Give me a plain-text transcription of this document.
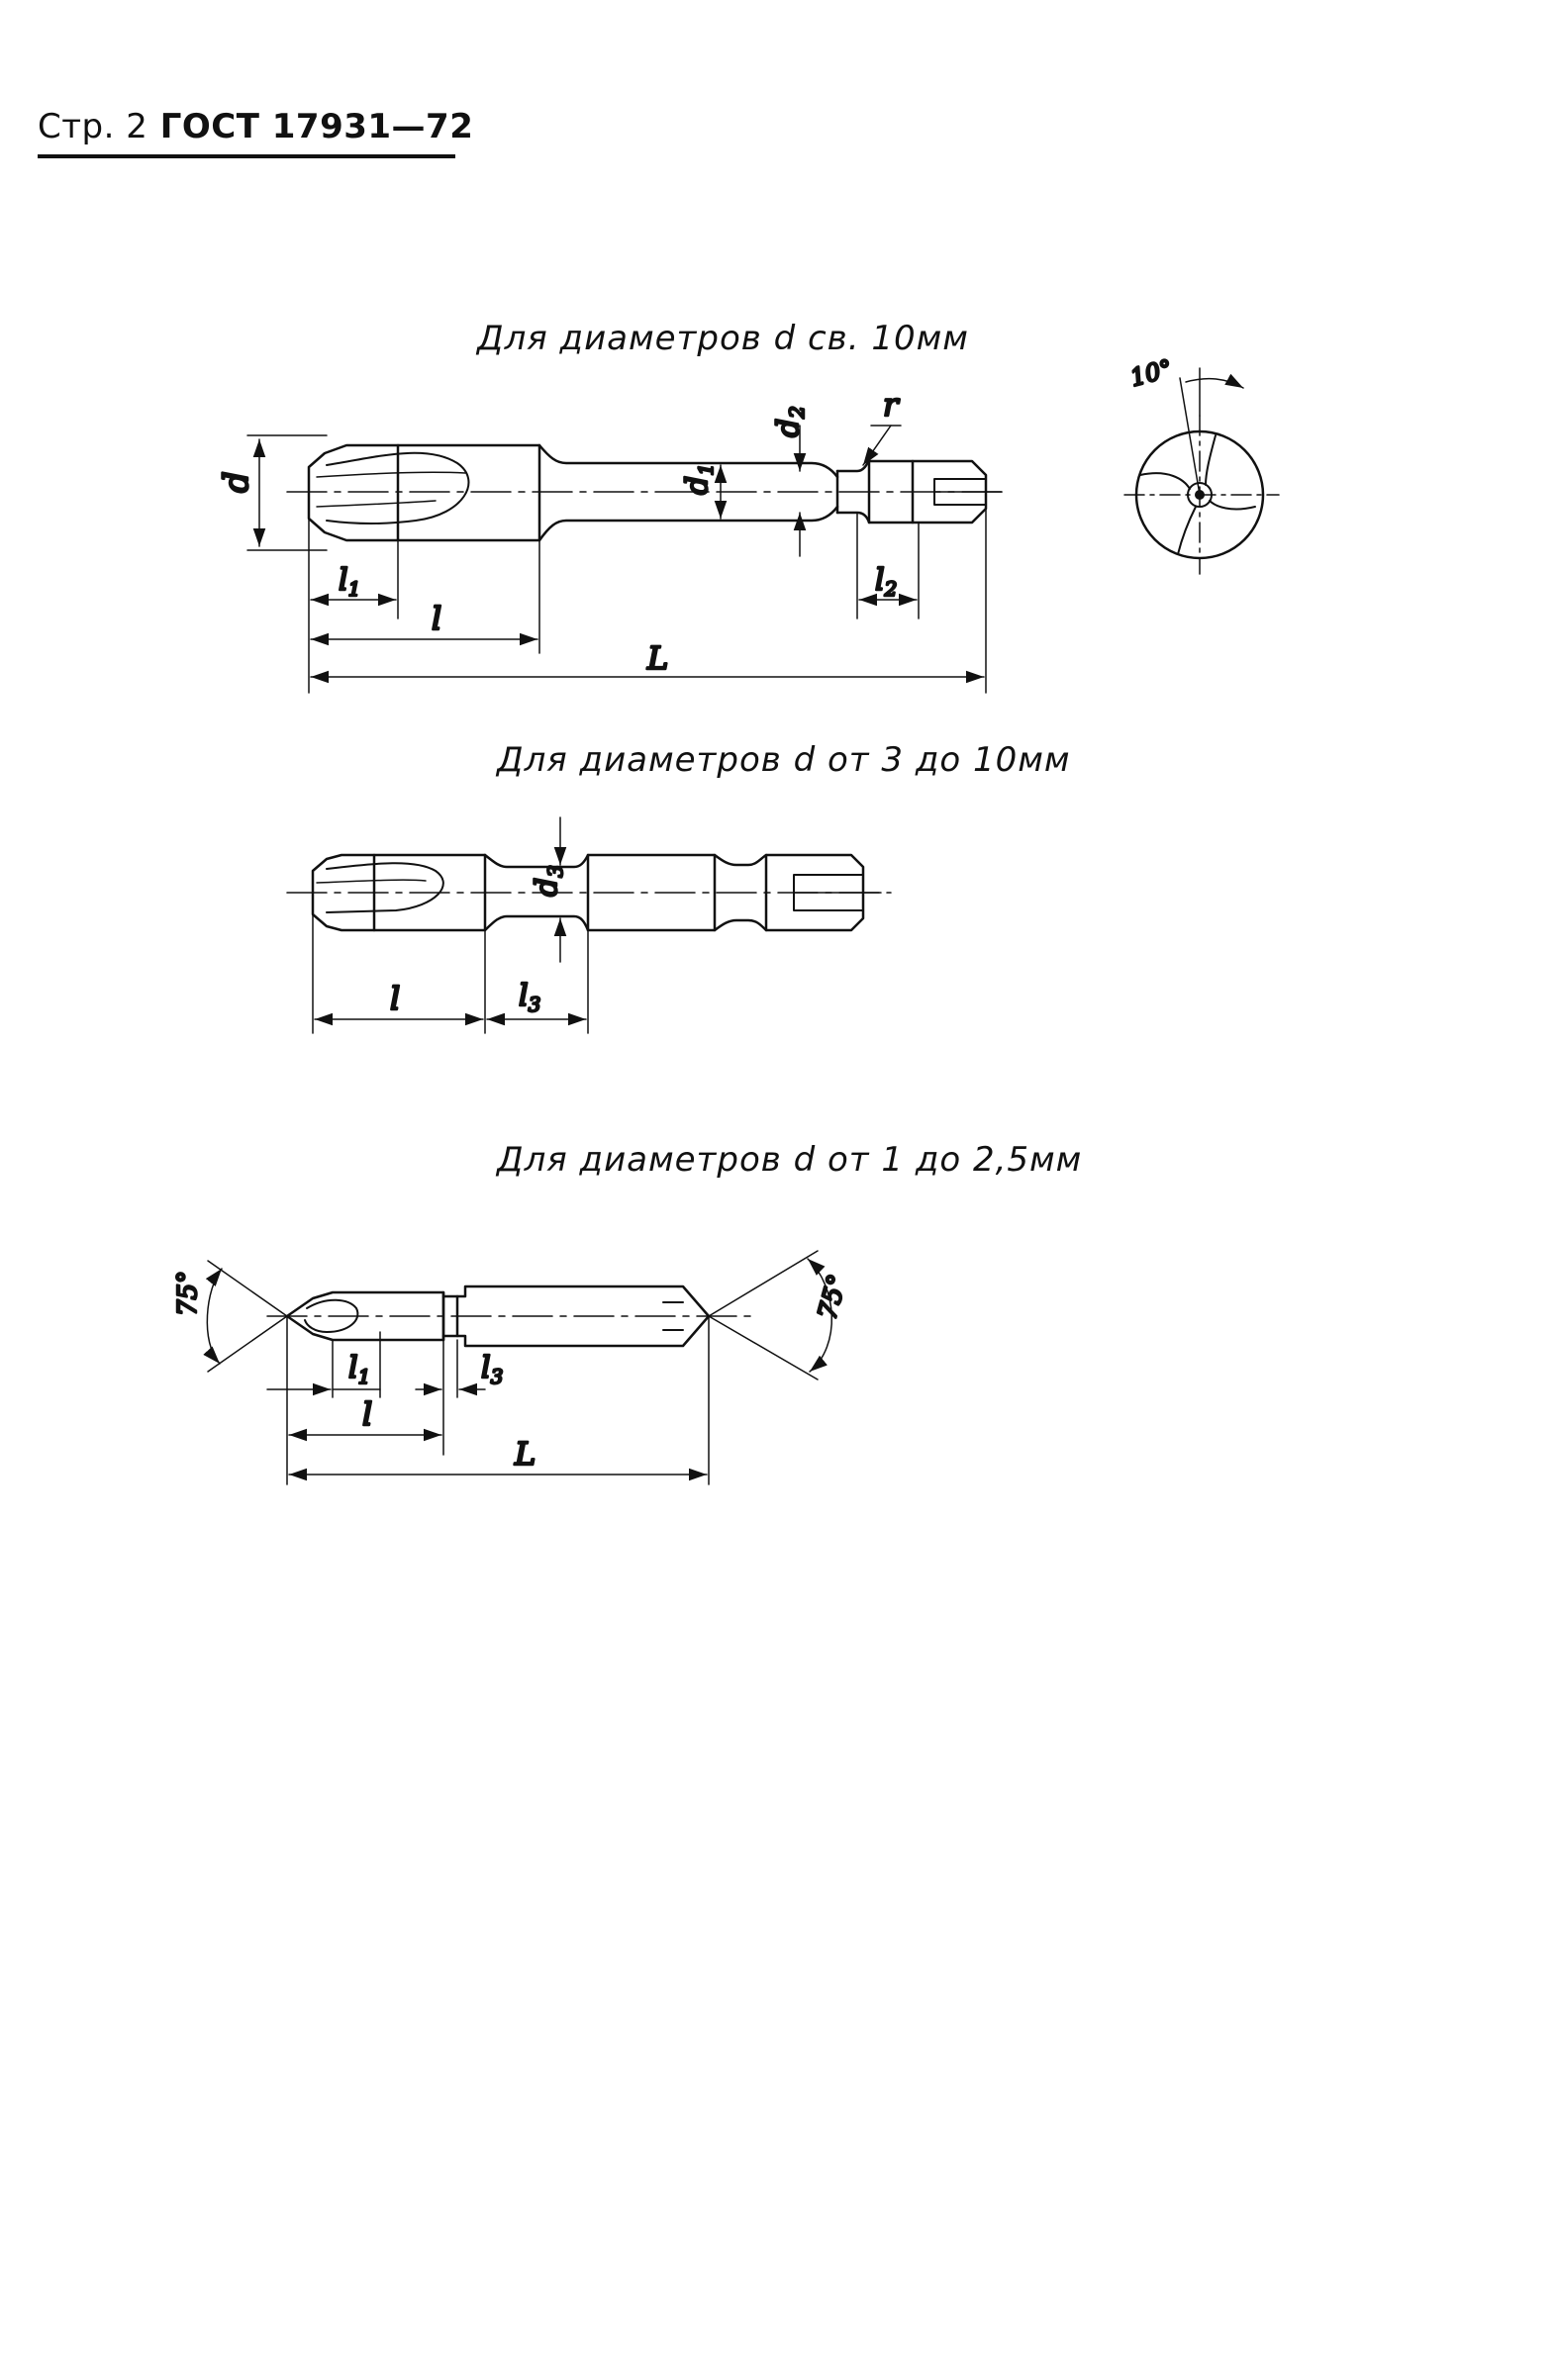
Стр. 2 ГОСТ 17931—72
Для диаметров d св. 10мм
Для диаметров d от 3 до 10мм
Для диаметров d от 1 до 2,5мм
d	$d_1$
$d_2$ r
$l_1$
l
$l_2$
L
10°
$d_3$
l	$l_3$
$l_1$	$l_3$
l
L
75°	75°
